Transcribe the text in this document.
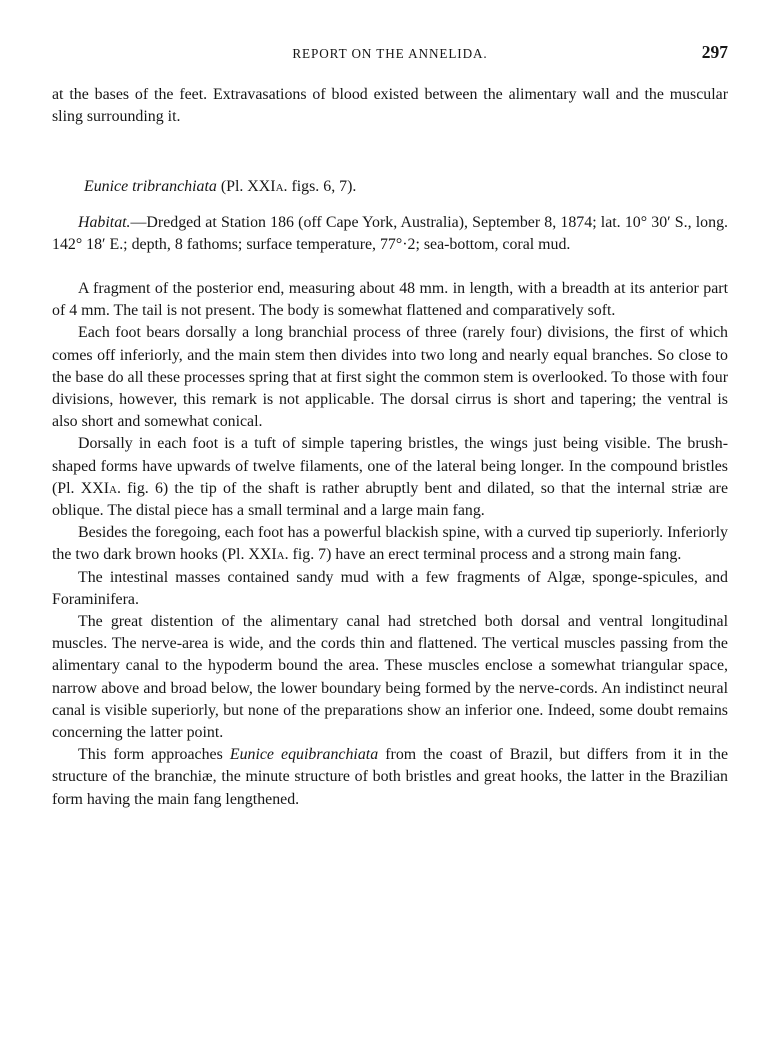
REPORT ON THE ANNELIDA.	297

at the bases of the feet. Extravasations of blood existed between the alimentary wall and the muscular sling surrounding it.

Eunice tribranchiata (Pl. XXIa. figs. 6, 7).

Habitat.—Dredged at Station 186 (off Cape York, Australia), September 8, 1874; lat. 10° 30′ S., long. 142° 18′ E.; depth, 8 fathoms; surface temperature, 77°·2; sea-bottom, coral mud.

A fragment of the posterior end, measuring about 48 mm. in length, with a breadth at its anterior part of 4 mm. The tail is not present. The body is somewhat flattened and comparatively soft.

Each foot bears dorsally a long branchial process of three (rarely four) divisions, the first of which comes off inferiorly, and the main stem then divides into two long and nearly equal branches. So close to the base do all these processes spring that at first sight the common stem is overlooked. To those with four divisions, however, this remark is not applicable. The dorsal cirrus is short and tapering; the ventral is also short and somewhat conical.

Dorsally in each foot is a tuft of simple tapering bristles, the wings just being visible. The brush-shaped forms have upwards of twelve filaments, one of the lateral being longer. In the compound bristles (Pl. XXIa. fig. 6) the tip of the shaft is rather abruptly bent and dilated, so that the internal striæ are oblique. The distal piece has a small terminal and a large main fang.

Besides the foregoing, each foot has a powerful blackish spine, with a curved tip superiorly. Inferiorly the two dark brown hooks (Pl. XXIa. fig. 7) have an erect terminal process and a strong main fang.

The intestinal masses contained sandy mud with a few fragments of Algæ, sponge-spicules, and Foraminifera.

The great distention of the alimentary canal had stretched both dorsal and ventral longitudinal muscles. The nerve-area is wide, and the cords thin and flattened. The vertical muscles passing from the alimentary canal to the hypoderm bound the area. These muscles enclose a somewhat triangular space, narrow above and broad below, the lower boundary being formed by the nerve-cords. An indistinct neural canal is visible superiorly, but none of the preparations show an inferior one. Indeed, some doubt remains concerning the latter point.

This form approaches Eunice equibranchiata from the coast of Brazil, but differs from it in the structure of the branchiæ, the minute structure of both bristles and great hooks, the latter in the Brazilian form having the main fang lengthened.
